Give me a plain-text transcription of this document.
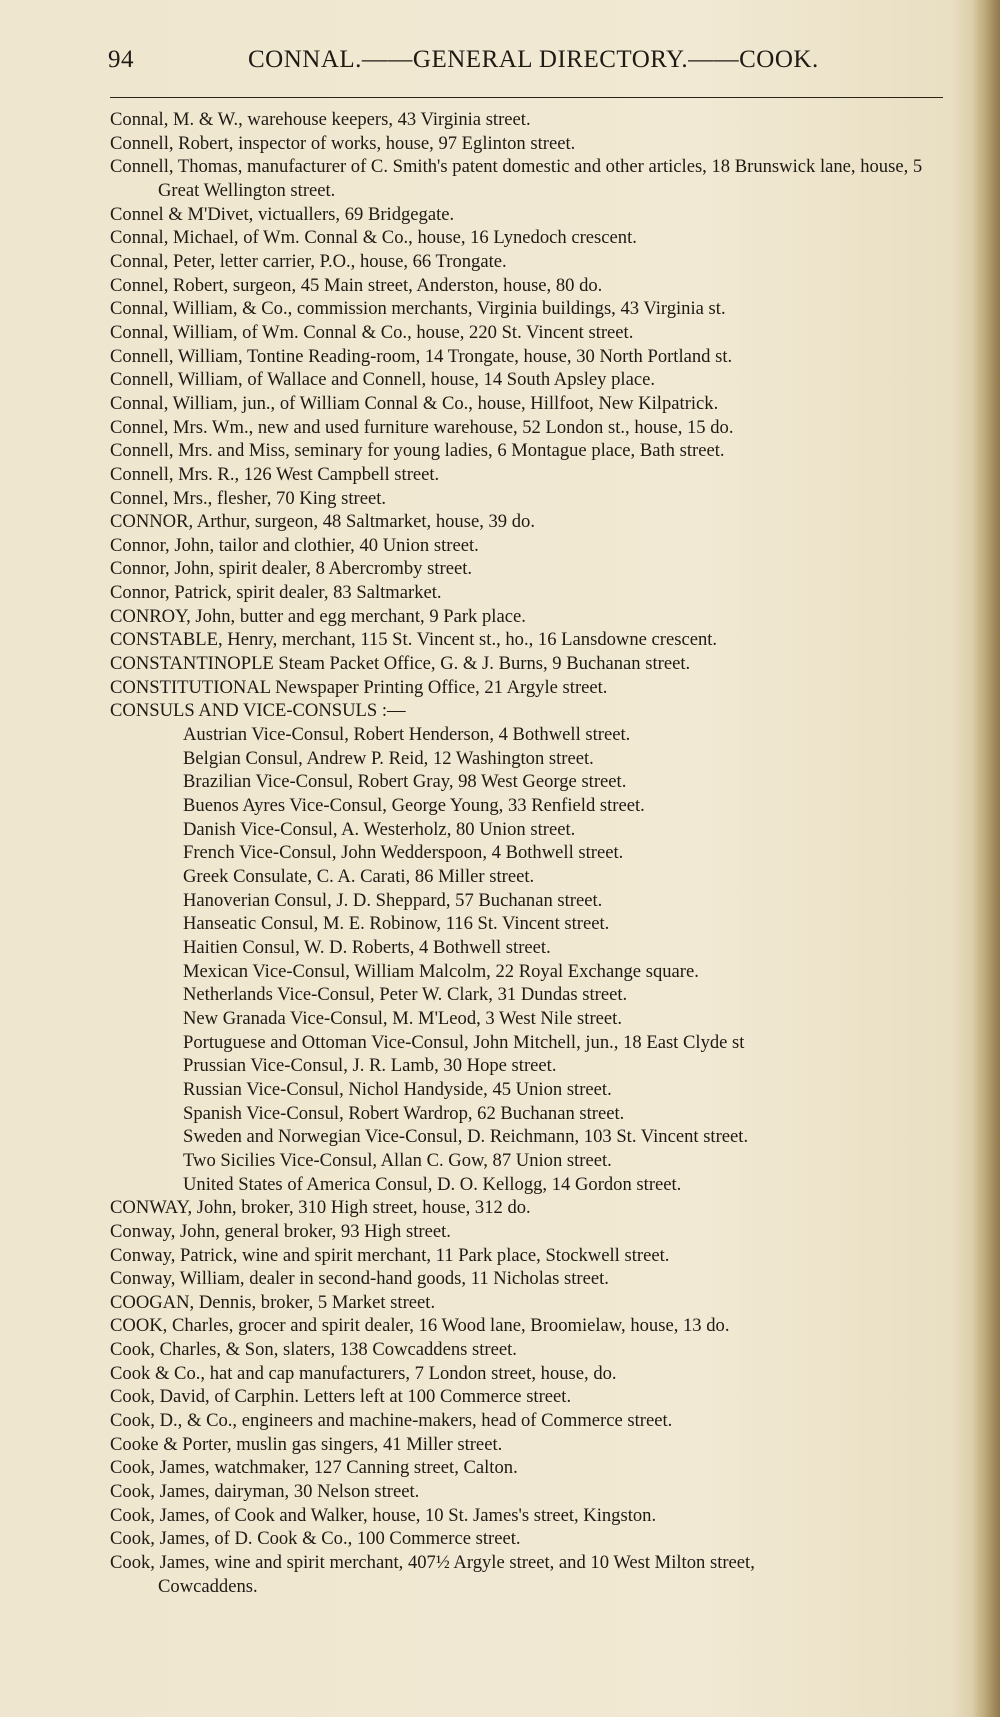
94	CONNAL.——GENERAL DIRECTORY.——COOK.
Connal, M. & W., warehouse keepers, 43 Virginia street.
Connell, Robert, inspector of works, house, 97 Eglinton street.
Connell, Thomas, manufacturer of C. Smith's patent domestic and other articles, 18 Brunswick lane, house, 5 Great Wellington street.
Connel & M'Divet, victuallers, 69 Bridgegate.
Connal, Michael, of Wm. Connal & Co., house, 16 Lynedoch crescent.
Connal, Peter, letter carrier, P.O., house, 66 Trongate.
Connel, Robert, surgeon, 45 Main street, Anderston, house, 80 do.
Connal, William, & Co., commission merchants, Virginia buildings, 43 Virginia st.
Connal, William, of Wm. Connal & Co., house, 220 St. Vincent street.
Connell, William, Tontine Reading-room, 14 Trongate, house, 30 North Portland st.
Connell, William, of Wallace and Connell, house, 14 South Apsley place.
Connal, William, jun., of William Connal & Co., house, Hillfoot, New Kilpatrick.
Connel, Mrs. Wm., new and used furniture warehouse, 52 London st., house, 15 do.
Connell, Mrs. and Miss, seminary for young ladies, 6 Montague place, Bath street.
Connell, Mrs. R., 126 West Campbell street.
Connel, Mrs., flesher, 70 King street.
CONNOR, Arthur, surgeon, 48 Saltmarket, house, 39 do.
Connor, John, tailor and clothier, 40 Union street.
Connor, John, spirit dealer, 8 Abercromby street.
Connor, Patrick, spirit dealer, 83 Saltmarket.
CONROY, John, butter and egg merchant, 9 Park place.
CONSTABLE, Henry, merchant, 115 St. Vincent st., ho., 16 Lansdowne crescent.
CONSTANTINOPLE Steam Packet Office, G. & J. Burns, 9 Buchanan street.
CONSTITUTIONAL Newspaper Printing Office, 21 Argyle street.
CONSULS AND VICE-CONSULS :—
Austrian Vice-Consul, Robert Henderson, 4 Bothwell street.
Belgian Consul, Andrew P. Reid, 12 Washington street.
Brazilian Vice-Consul, Robert Gray, 98 West George street.
Buenos Ayres Vice-Consul, George Young, 33 Renfield street.
Danish Vice-Consul, A. Westerholz, 80 Union street.
French Vice-Consul, John Wedderspoon, 4 Bothwell street.
Greek Consulate, C. A. Carati, 86 Miller street.
Hanoverian Consul, J. D. Sheppard, 57 Buchanan street.
Hanseatic Consul, M. E. Robinow, 116 St. Vincent street.
Haitien Consul, W. D. Roberts, 4 Bothwell street.
Mexican Vice-Consul, William Malcolm, 22 Royal Exchange square.
Netherlands Vice-Consul, Peter W. Clark, 31 Dundas street.
New Granada Vice-Consul, M. M'Leod, 3 West Nile street.
Portuguese and Ottoman Vice-Consul, John Mitchell, jun., 18 East Clyde st
Prussian Vice-Consul, J. R. Lamb, 30 Hope street.
Russian Vice-Consul, Nichol Handyside, 45 Union street.
Spanish Vice-Consul, Robert Wardrop, 62 Buchanan street.
Sweden and Norwegian Vice-Consul, D. Reichmann, 103 St. Vincent street.
Two Sicilies Vice-Consul, Allan C. Gow, 87 Union street.
United States of America Consul, D. O. Kellogg, 14 Gordon street.
CONWAY, John, broker, 310 High street, house, 312 do.
Conway, John, general broker, 93 High street.
Conway, Patrick, wine and spirit merchant, 11 Park place, Stockwell street.
Conway, William, dealer in second-hand goods, 11 Nicholas street.
COOGAN, Dennis, broker, 5 Market street.
COOK, Charles, grocer and spirit dealer, 16 Wood lane, Broomielaw, house, 13 do.
Cook, Charles, & Son, slaters, 138 Cowcaddens street.
Cook & Co., hat and cap manufacturers, 7 London street, house, do.
Cook, David, of Carphin. Letters left at 100 Commerce street.
Cook, D., & Co., engineers and machine-makers, head of Commerce street.
Cooke & Porter, muslin gas singers, 41 Miller street.
Cook, James, watchmaker, 127 Canning street, Calton.
Cook, James, dairyman, 30 Nelson street.
Cook, James, of Cook and Walker, house, 10 St. James's street, Kingston.
Cook, James, of D. Cook & Co., 100 Commerce street.
Cook, James, wine and spirit merchant, 407½ Argyle street, and 10 West Milton street,
Cowcaddens.
